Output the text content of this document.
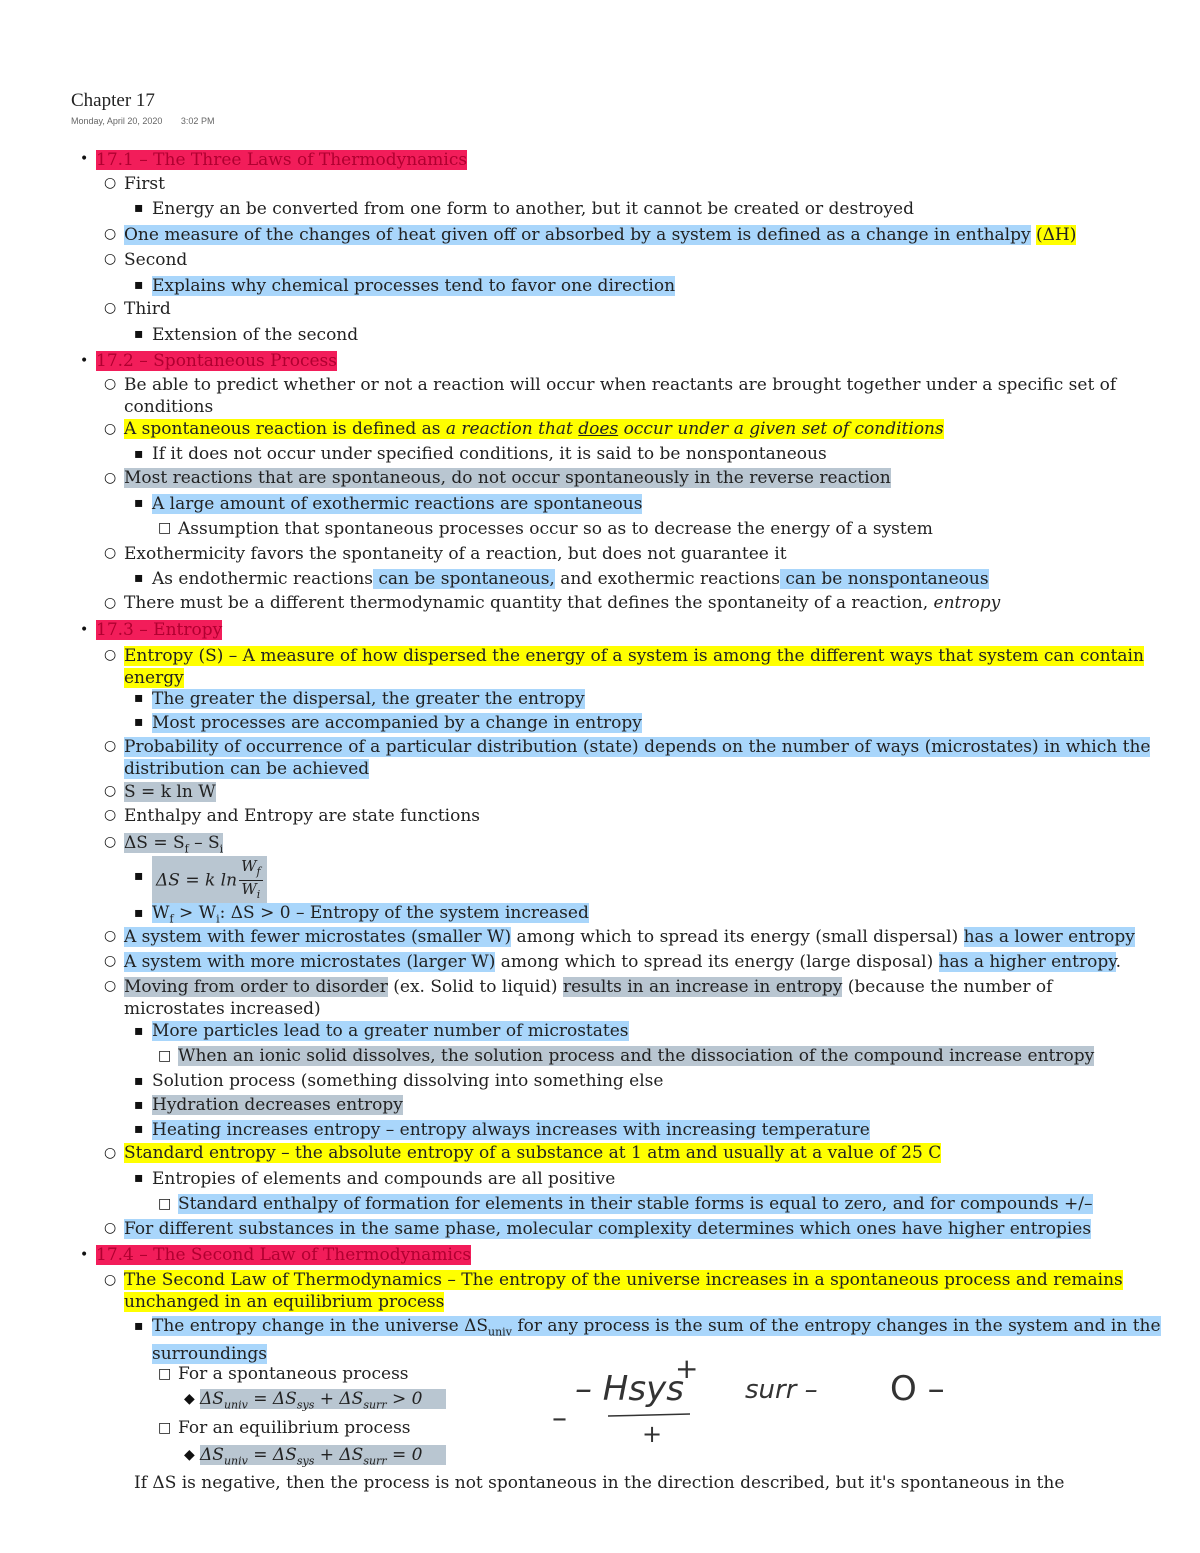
Chapter 17
Monday, April 20, 2020 3:02 PM
• 17.1 – The Three Laws of Thermodynamics
○ First
▪ Energy an be converted from one form to another, but it cannot be created or destroyed
○ One measure of the changes of heat given off or absorbed by a system is defined as a change in enthalpy (ΔH)
○ Second
▪ Explains why chemical processes tend to favor one direction
○ Third
▪ Extension of the second
• 17.2 – Spontaneous Process
○ Be able to predict whether or not a reaction will occur when reactants are brought together under a specific set of conditions
○ A spontaneous reaction is defined as a reaction that does occur under a given set of conditions
▪ If it does not occur under specified conditions, it is said to be nonspontaneous
○ Most reactions that are spontaneous, do not occur spontaneously in the reverse reaction
▪ A large amount of exothermic reactions are spontaneous
□ Assumption that spontaneous processes occur so as to decrease the energy of a system
○ Exothermicity favors the spontaneity of a reaction, but does not guarantee it
▪ As endothermic reactions can be spontaneous, and exothermic reactions can be nonspontaneous
○ There must be a different thermodynamic quantity that defines the spontaneity of a reaction, entropy
• 17.3 – Entropy
○ Entropy (S) – A measure of how dispersed the energy of a system is among the different ways that system can contain energy
▪ The greater the dispersal, the greater the entropy
▪ Most processes are accompanied by a change in entropy
○ Probability of occurrence of a particular distribution (state) depends on the number of ways (microstates) in which the distribution can be achieved
○ S = k ln W
○ Enthalpy and Entropy are state functions
○ $\Delta S = S_f - S_i$
▪ ΔS = k $\ln \frac{W_f}{W_i}$
▪ $W_f > W_i$: ΔS > 0 – Entropy of the system increased
○ A system with fewer microstates (smaller W) among which to spread its energy (small dispersal) has a lower entropy
○ A system with more microstates (larger W) among which to spread its energy (large disposal) has a higher entropy.
○ Moving from order to disorder (ex. Solid to liquid) results in an increase in entropy (because the number of microstates increased)
▪ More particles lead to a greater number of microstates
□ When an ionic solid dissolves, the solution process and the dissociation of the compound increase entropy
▪ Solution process (something dissolving into something else
▪ Hydration decreases entropy
▪ Heating increases entropy – entropy always increases with increasing temperature
○ Standard entropy – the absolute entropy of a substance at 1 atm and usually at a value of 25 C
▪ Entropies of elements and compounds are all positive
□ Standard enthalpy of formation for elements in their stable forms is equal to zero, and for compounds +/–
○ For different substances in the same phase, molecular complexity determines which ones have higher entropies
• 17.4 – The Second Law of Thermodynamics
○ The Second Law of Thermodynamics – The entropy of the universe increases in a spontaneous process and remains unchanged in an equilibrium process
▪ The entropy change in the universe $\Delta S_{univ}$ for any process is the sum of the entropy changes in the system and in the surroundings
□ For a spontaneous process
◆ $\Delta S_{univ} = \Delta S_{sys} + \Delta S_{surr} > 0$
□ For an equilibrium process
◆ $\Delta S_{univ} = \Delta S_{sys} + \Delta S_{surr} = 0$
If ΔS is negative, then the process is not spontaneous in the direction described, but it's spontaneous in the
– Hsys
+
surr – O –
–	+
